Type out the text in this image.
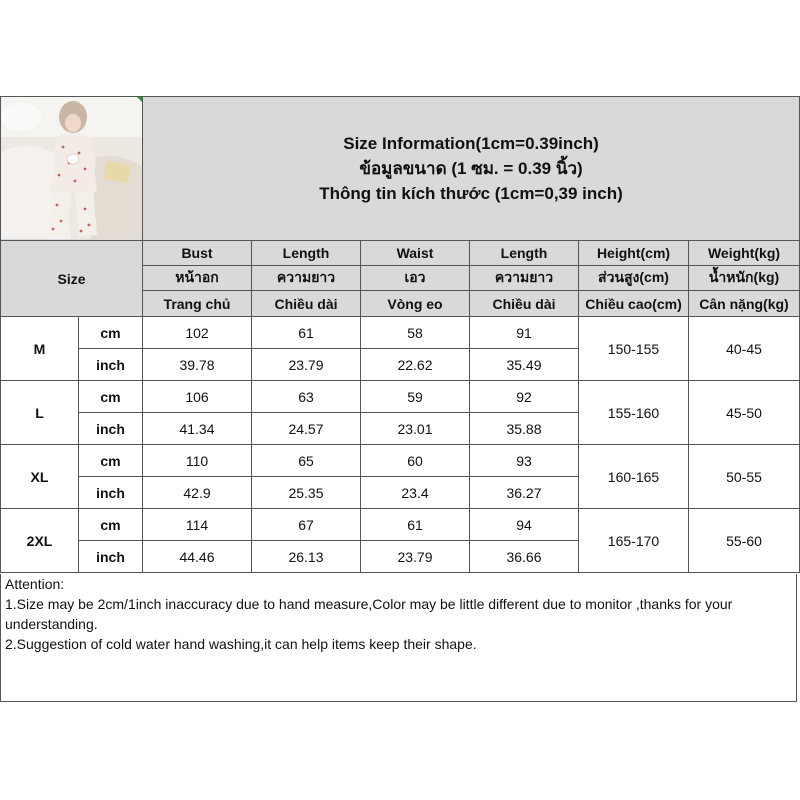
Size Information(1cm=0.39inch)
ข้อมูลขนาด (1 ซม. = 0.39 นิ้ว)
Thông tin kích thước (1cm=0,39 inch)					

Size		Bust	Length	Waist	Length	Height(cm)	Weight(kg)
		หน้าอก	ความยาว	เอว	ความยาว	ส่วนสูง(cm)	น้ำหนัก(kg)
		Trang chủ	Chiều dài	Vòng eo	Chiều dài	Chiều cao(cm)	Cân nặng(kg)
M	cm	102	61	58	91	150-155	40-45
	inch	39.78	23.79	22.62	35.49		
L	cm	106	63	59	92	155-160	45-50
	inch	41.34	24.57	23.01	35.88		
XL	cm	110	65	60	93	160-165	50-55
	inch	42.9	25.35	23.4	36.27		
2XL	cm	114	67	61	94	165-170	55-60
	inch	44.46	26.13	23.79	36.66		
Attention:
1.Size may be 2cm/1inch inaccuracy due to hand measure,Color may be little different due to monitor ,thanks for your understanding.
2.Suggestion of cold water hand washing,it can help items keep their shape.
